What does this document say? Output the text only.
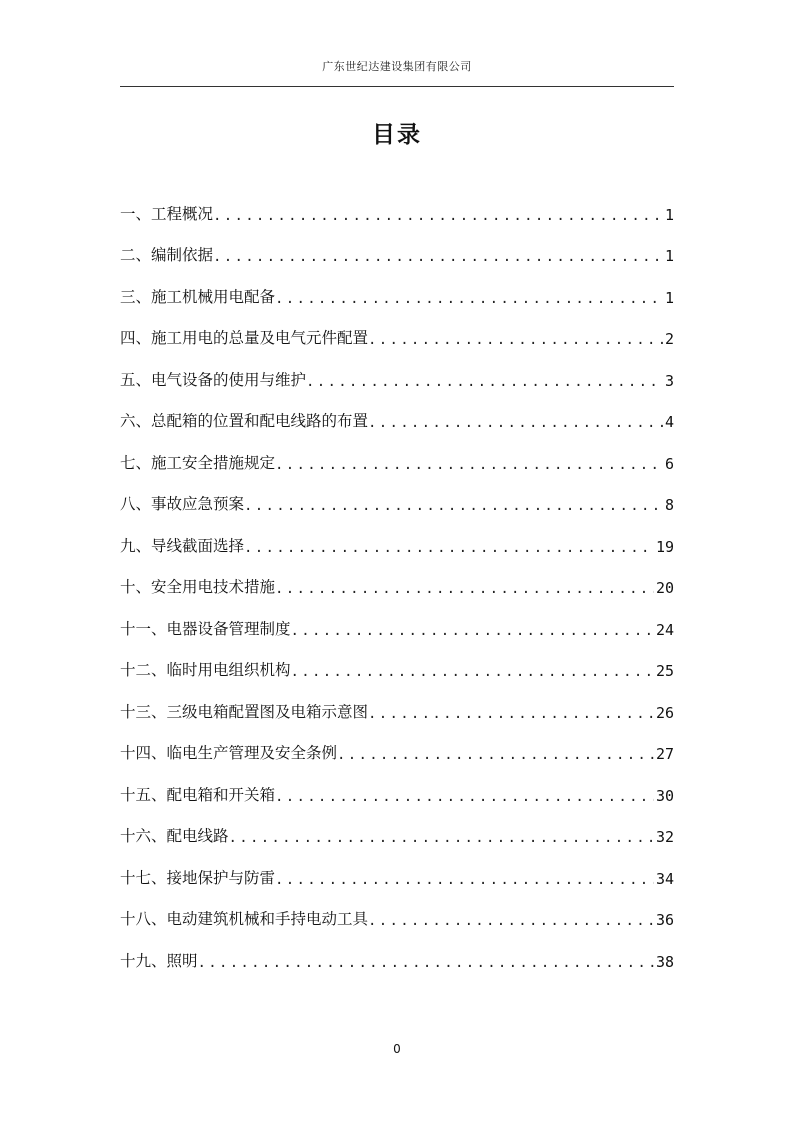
广东世纪达建设集团有限公司
目录
一、工程概况 .....	1
二、编制依据 .....	1
三、施工机械用电配备 .....	1
四、施工用电的总量及电气元件配置 .....	2
五、电气设备的使用与维护 .....	3
六、总配箱的位置和配电线路的布置 .....	4
七、施工安全措施规定 .....	6
八、事故应急预案 .....	8
九、导线截面选择 .....	19
十、安全用电技术措施 .....	20
十一、电器设备管理制度 .....	24
十二、临时用电组织机构 .....	25
十三、三级电箱配置图及电箱示意图 .....	26
十四、临电生产管理及安全条例 .....	27
十五、配电箱和开关箱 .....	30
十六、配电线路 .....	32
十七、接地保护与防雷 .....	34
十八、电动建筑机械和手持电动工具 .....	36
十九、照明 .....	38
0
